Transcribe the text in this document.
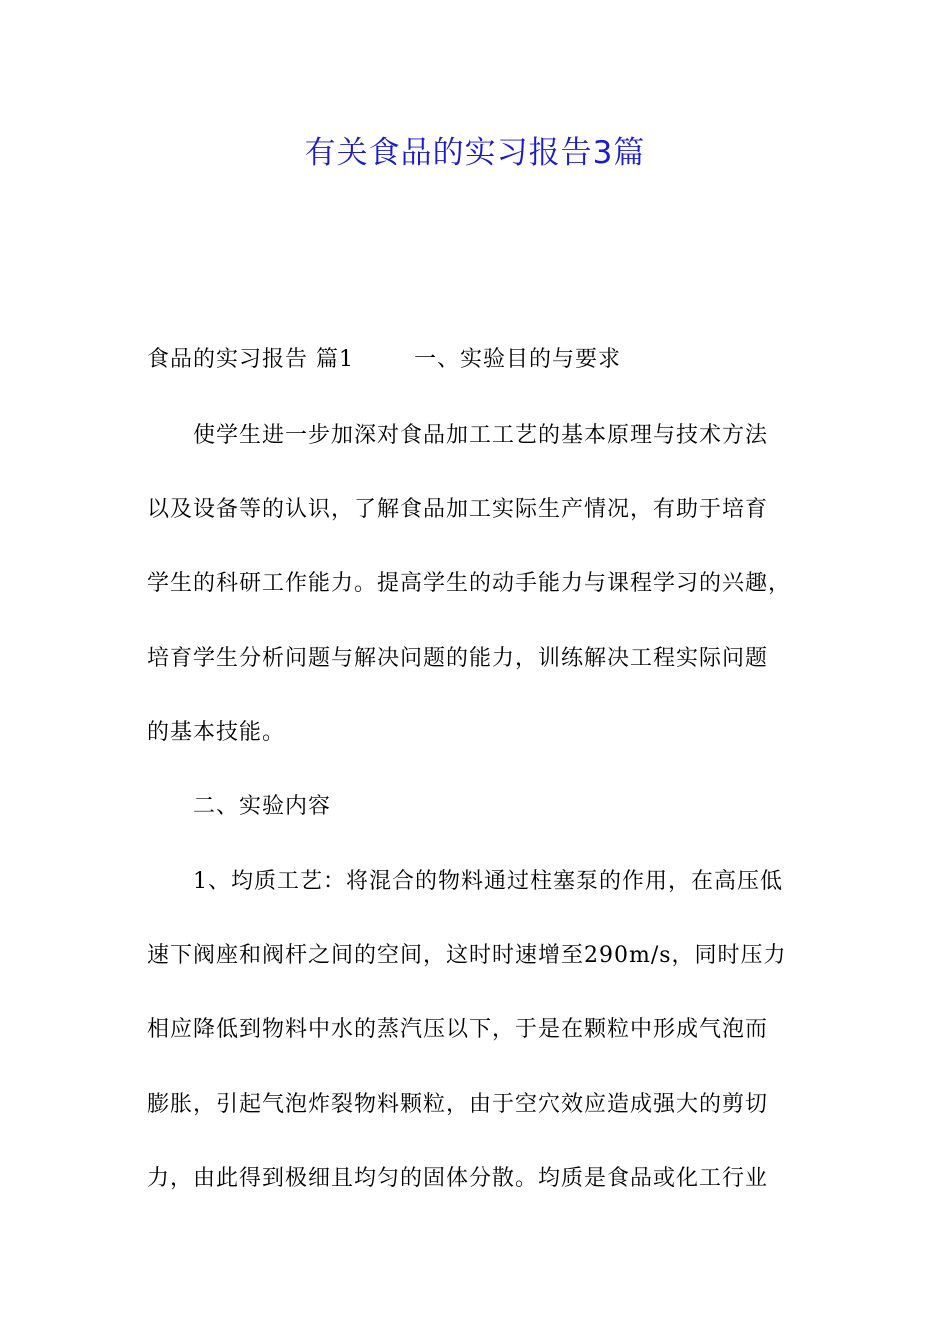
有关食品的实习报告3篇
食品的实习报告 篇1	一、实验目的与要求
使学生进一步加深对食品加工工艺的基本原理与技术方法
以及设备等的认识，了解食品加工实际生产情况，有助于培育
学生的科研工作能力。提高学生的动手能力与课程学习的兴趣，
培育学生分析问题与解决问题的能力，训练解决工程实际问题
的基本技能。
二、实验内容
1、均质工艺：将混合的物料通过柱塞泵的作用，在高压低
速下阀座和阀杆之间的空间，这时时速增至290m/s，同时压力
相应降低到物料中水的蒸汽压以下，于是在颗粒中形成气泡而
膨胀，引起气泡炸裂物料颗粒，由于空穴效应造成强大的剪切
力，由此得到极细且均匀的固体分散。均质是食品或化工行业
